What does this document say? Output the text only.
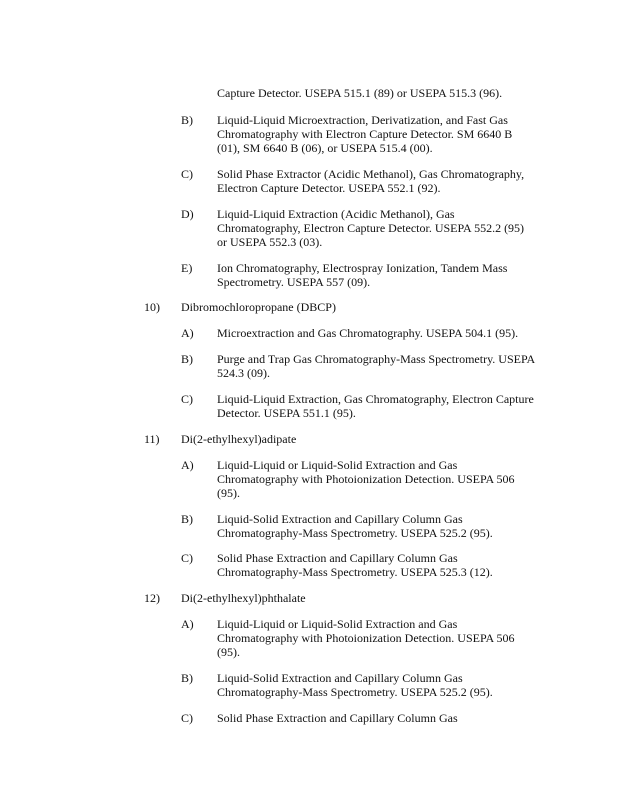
Capture Detector. USEPA 515.1 (89) or USEPA 515.3 (96).
B) Liquid-Liquid Microextraction, Derivatization, and Fast Gas
Chromatography with Electron Capture Detector. SM 6640 B
(01), SM 6640 B (06), or USEPA 515.4 (00).
C) Solid Phase Extractor (Acidic Methanol), Gas Chromatography,
Electron Capture Detector. USEPA 552.1 (92).
D) Liquid-Liquid Extraction (Acidic Methanol), Gas
Chromatography, Electron Capture Detector. USEPA 552.2 (95)
or USEPA 552.3 (03).
E) Ion Chromatography, Electrospray Ionization, Tandem Mass
Spectrometry. USEPA 557 (09).
10) Dibromochloropropane (DBCP)
A) Microextraction and Gas Chromatography. USEPA 504.1 (95).
B) Purge and Trap Gas Chromatography-Mass Spectrometry. USEPA
524.3 (09).
C) Liquid-Liquid Extraction, Gas Chromatography, Electron Capture
Detector. USEPA 551.1 (95).
11) Di(2-ethylhexyl)adipate
A) Liquid-Liquid or Liquid-Solid Extraction and Gas
Chromatography with Photoionization Detection. USEPA 506
(95).
B) Liquid-Solid Extraction and Capillary Column Gas
Chromatography-Mass Spectrometry. USEPA 525.2 (95).
C) Solid Phase Extraction and Capillary Column Gas
Chromatography-Mass Spectrometry. USEPA 525.3 (12).
12) Di(2-ethylhexyl)phthalate
A) Liquid-Liquid or Liquid-Solid Extraction and Gas
Chromatography with Photoionization Detection. USEPA 506
(95).
B) Liquid-Solid Extraction and Capillary Column Gas
Chromatography-Mass Spectrometry. USEPA 525.2 (95).
C) Solid Phase Extraction and Capillary Column Gas
